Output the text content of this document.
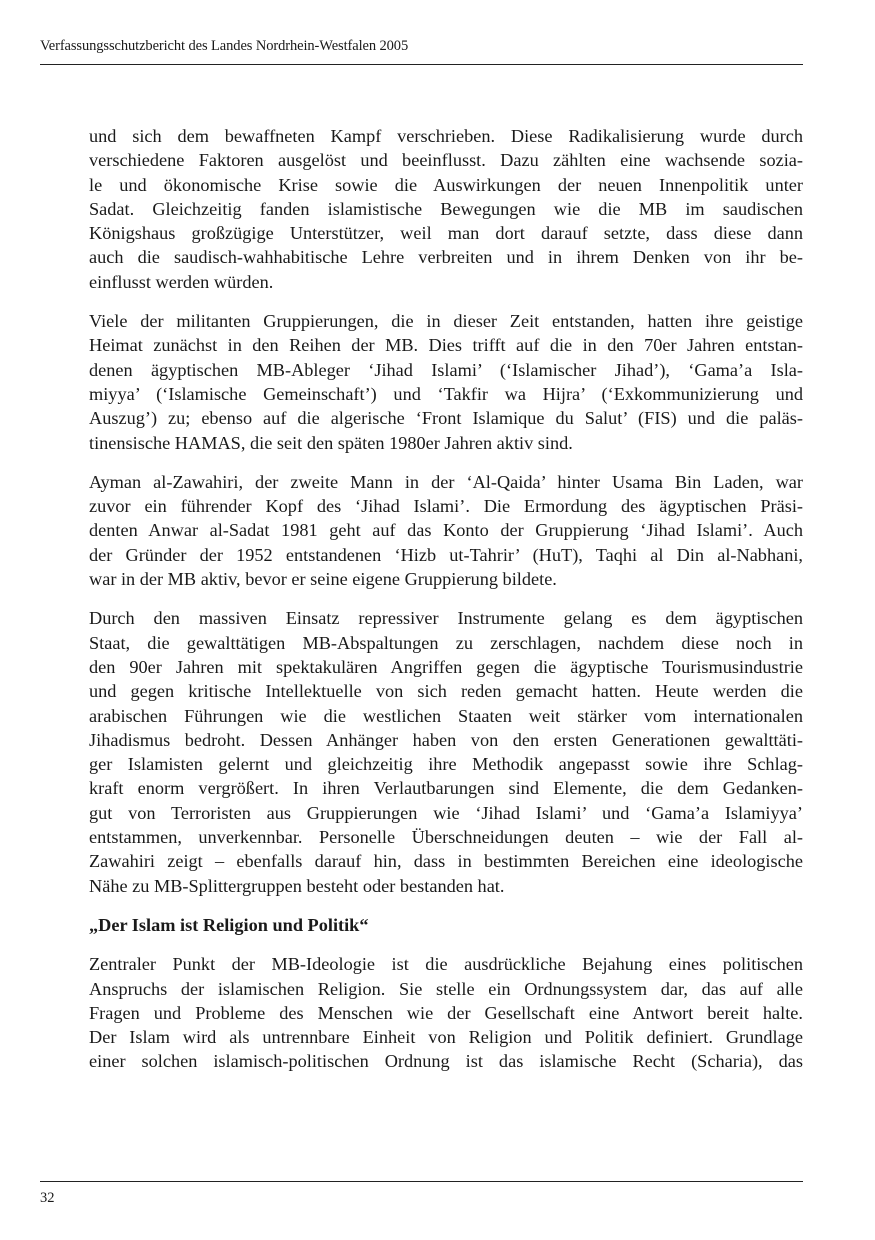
Verfassungsschutzbericht des Landes Nordrhein-Westfalen 2005

und sich dem bewaffneten Kampf verschrieben. Diese Radikalisierung wurde durch
verschiedene Faktoren ausgelöst und beeinflusst. Dazu zählten eine wachsende sozia-
le und ökonomische Krise sowie die Auswirkungen der neuen Innenpolitik unter
Sadat. Gleichzeitig fanden islamistische Bewegungen wie die MB im saudischen
Königshaus großzügige Unterstützer, weil man dort darauf setzte, dass diese dann
auch die saudisch-wahhabitische Lehre verbreiten und in ihrem Denken von ihr be-
einflusst werden würden.

Viele der militanten Gruppierungen, die in dieser Zeit entstanden, hatten ihre geistige
Heimat zunächst in den Reihen der MB. Dies trifft auf die in den 70er Jahren entstan-
denen ägyptischen MB-Ableger ‘Jihad Islami’ (‘Islamischer Jihad’), ‘Gama’a Isla-
miyya’ (‘Islamische Gemeinschaft’) und ‘Takfir wa Hijra’ (‘Exkommunizierung und
Auszug’) zu; ebenso auf die algerische ‘Front Islamique du Salut’ (FIS) und die paläs-
tinensische HAMAS, die seit den späten 1980er Jahren aktiv sind.

Ayman al-Zawahiri, der zweite Mann in der ‘Al-Qaida’ hinter Usama Bin Laden, war
zuvor ein führender Kopf des ‘Jihad Islami’. Die Ermordung des ägyptischen Präsi-
denten Anwar al-Sadat 1981 geht auf das Konto der Gruppierung ‘Jihad Islami’. Auch
der Gründer der 1952 entstandenen ‘Hizb ut-Tahrir’ (HuT), Taqhi al Din al-Nabhani,
war in der MB aktiv, bevor er seine eigene Gruppierung bildete.

Durch den massiven Einsatz repressiver Instrumente gelang es dem ägyptischen
Staat, die gewalttätigen MB-Abspaltungen zu zerschlagen, nachdem diese noch in
den 90er Jahren mit spektakulären Angriffen gegen die ägyptische Tourismusindustrie
und gegen kritische Intellektuelle von sich reden gemacht hatten. Heute werden die
arabischen Führungen wie die westlichen Staaten weit stärker vom internationalen
Jihadismus bedroht. Dessen Anhänger haben von den ersten Generationen gewalttäti-
ger Islamisten gelernt und gleichzeitig ihre Methodik angepasst sowie ihre Schlag-
kraft enorm vergrößert. In ihren Verlautbarungen sind Elemente, die dem Gedanken-
gut von Terroristen aus Gruppierungen wie ‘Jihad Islami’ und ‘Gama’a Islamiyya’
entstammen, unverkennbar. Personelle Überschneidungen deuten – wie der Fall al-
Zawahiri zeigt – ebenfalls darauf hin, dass in bestimmten Bereichen eine ideologische
Nähe zu MB-Splittergruppen besteht oder bestanden hat.

„Der Islam ist Religion und Politik“

Zentraler Punkt der MB-Ideologie ist die ausdrückliche Bejahung eines politischen
Anspruchs der islamischen Religion. Sie stelle ein Ordnungssystem dar, das auf alle
Fragen und Probleme des Menschen wie der Gesellschaft eine Antwort bereit halte.
Der Islam wird als untrennbare Einheit von Religion und Politik definiert. Grundlage
einer solchen islamisch-politischen Ordnung ist das islamische Recht (Scharia), das

32
